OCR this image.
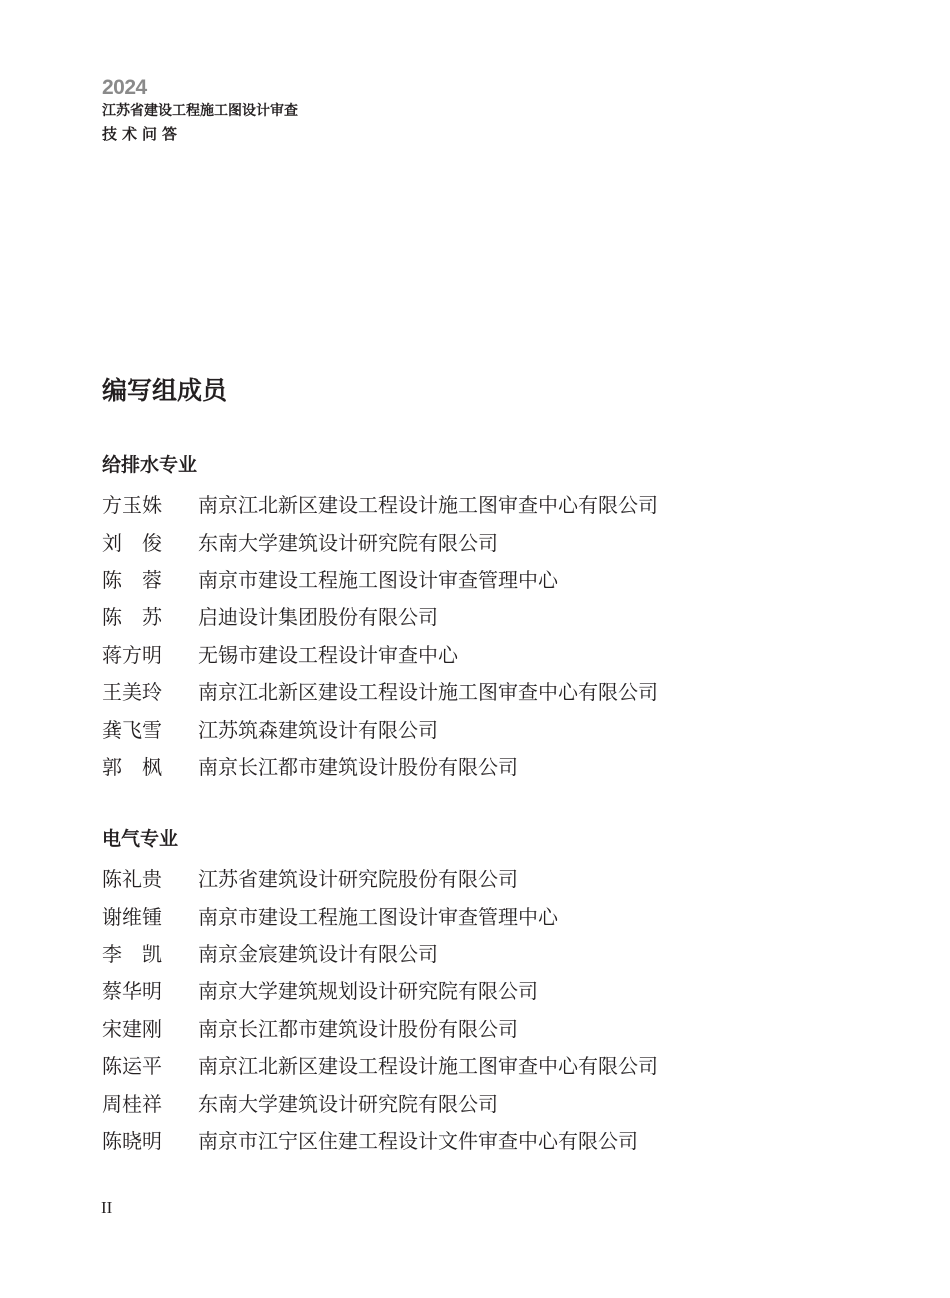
2024
江苏省建设工程施工图设计审查
技术问答
编写组成员
给排水专业
方玉姝	南京江北新区建设工程设计施工图审查中心有限公司
刘　俊	东南大学建筑设计研究院有限公司
陈　蓉	南京市建设工程施工图设计审查管理中心
陈　苏	启迪设计集团股份有限公司
蒋方明	无锡市建设工程设计审查中心
王美玲	南京江北新区建设工程设计施工图审查中心有限公司
龚飞雪	江苏筑森建筑设计有限公司
郭　枫	南京长江都市建筑设计股份有限公司
电气专业
陈礼贵	江苏省建筑设计研究院股份有限公司
谢维锺	南京市建设工程施工图设计审查管理中心
李　凯	南京金宸建筑设计有限公司
蔡华明	南京大学建筑规划设计研究院有限公司
宋建刚	南京长江都市建筑设计股份有限公司
陈运平	南京江北新区建设工程设计施工图审查中心有限公司
周桂祥	东南大学建筑设计研究院有限公司
陈晓明	南京市江宁区住建工程设计文件审查中心有限公司
II
